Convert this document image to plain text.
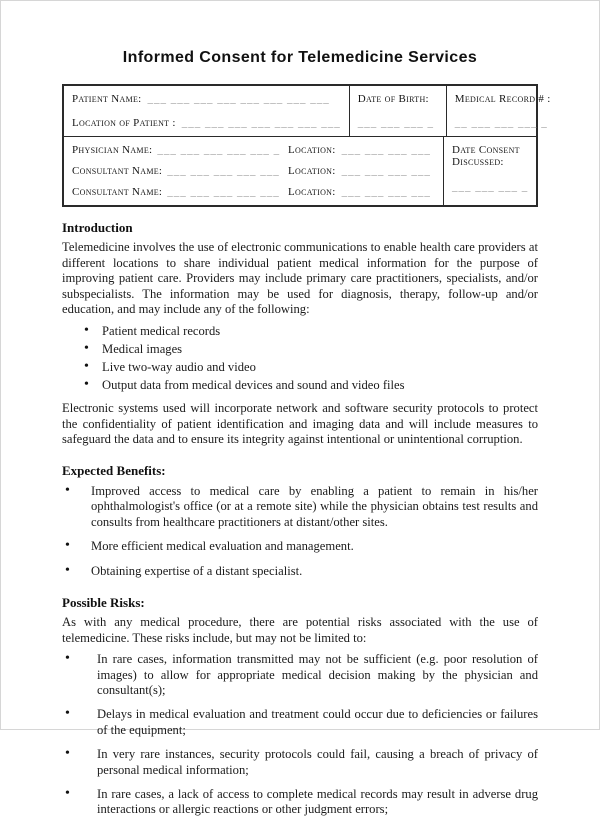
Informed Consent for Telemedicine Services
Patient Name: ___ ___ ___ ___ ___ ___ ___ ___
Location of Patient : ___ ___ ___ ___ ___ ___ ___
Date of Birth:
___ ___ ___ _
Medical Record # :
__ ___ ___ ___ _
Physician Name: ___ ___ ___ ___ ___ _ Location: ___ ___ ___ ___
Consultant Name: ___ ___ ___ ___ ___ Location: ___ ___ ___ ___
Consultant Name: ___ ___ ___ ___ ___ Location: ___ ___ ___ ___
Date Consent Discussed:
___ ___ ___ _
Introduction

Telemedicine involves the use of electronic communications to enable health care providers at different locations to share individual patient medical information for the purpose of improving patient care. Providers may include primary care practitioners, specialists, and/or subspecialists. The information may be used for diagnosis, therapy, follow-up and/or education, and may include any of the following:

• Patient medical records
• Medical images
• Live two-way audio and video
• Output data from medical devices and sound and video files

Electronic systems used will incorporate network and software security protocols to protect the confidentiality of patient identification and imaging data and will include measures to safeguard the data and to ensure its integrity against intentional or unintentional corruption.

Expected Benefits:
• Improved access to medical care by enabling a patient to remain in his/her ophthalmologist's office (or at a remote site) while the physician obtains test results and consults from healthcare practitioners at distant/other sites.
• More efficient medical evaluation and management.
• Obtaining expertise of a distant specialist.
Possible Risks:

As with any medical procedure, there are potential risks associated with the use of telemedicine. These risks include, but may not be limited to:

• In rare cases, information transmitted may not be sufficient (e.g. poor resolution of images) to allow for appropriate medical decision making by the physician and consultant(s);
• Delays in medical evaluation and treatment could occur due to deficiencies or failures of the equipment;
• In very rare instances, security protocols could fail, causing a breach of privacy of personal medical information;
• In rare cases, a lack of access to complete medical records may result in adverse drug interactions or allergic reactions or other judgment errors;
